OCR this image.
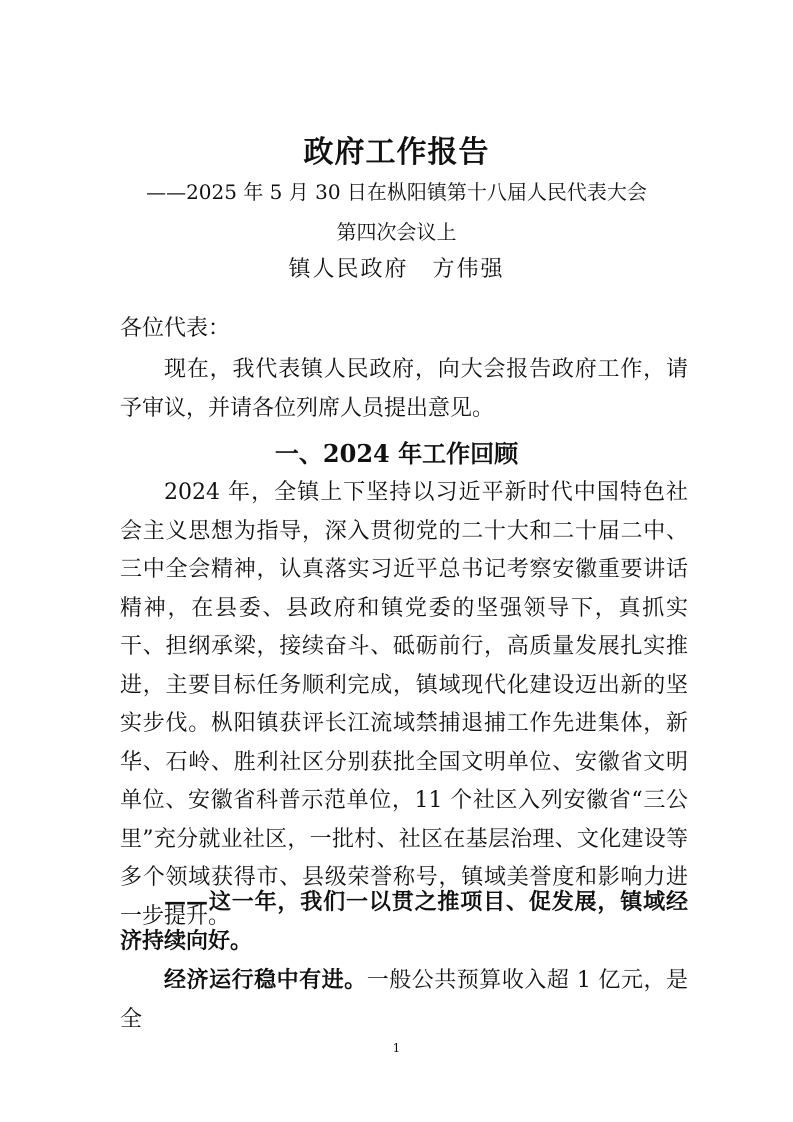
政府工作报告
——2025 年 5 月 30 日在枞阳镇第十八届人民代表大会
第四次会议上
镇人民政府　方伟强
各位代表：

现在，我代表镇人民政府，向大会报告政府工作，请予审议，并请各位列席人员提出意见。

一、2024 年工作回顾

2024 年，全镇上下坚持以习近平新时代中国特色社会主义思想为指导，深入贯彻党的二十大和二十届二中、三中全会精神，认真落实习近平总书记考察安徽重要讲话精神，在县委、县政府和镇党委的坚强领导下，真抓实干、担纲承梁，接续奋斗、砥砺前行，高质量发展扎实推进，主要目标任务顺利完成，镇域现代化建设迈出新的坚实步伐。枞阳镇获评长江流域禁捕退捕工作先进集体，新华、石岭、胜利社区分别获批全国文明单位、安徽省文明单位、安徽省科普示范单位，11 个社区入列安徽省“三公里”充分就业社区，一批村、社区在基层治理、文化建设等多个领域获得市、县级荣誉称号，镇域美誉度和影响力进一步提升。

——这一年，我们一以贯之推项目、促发展，镇域经济持续向好。

经济运行稳中有进。一般公共预算收入超 1 亿元，是全

1
